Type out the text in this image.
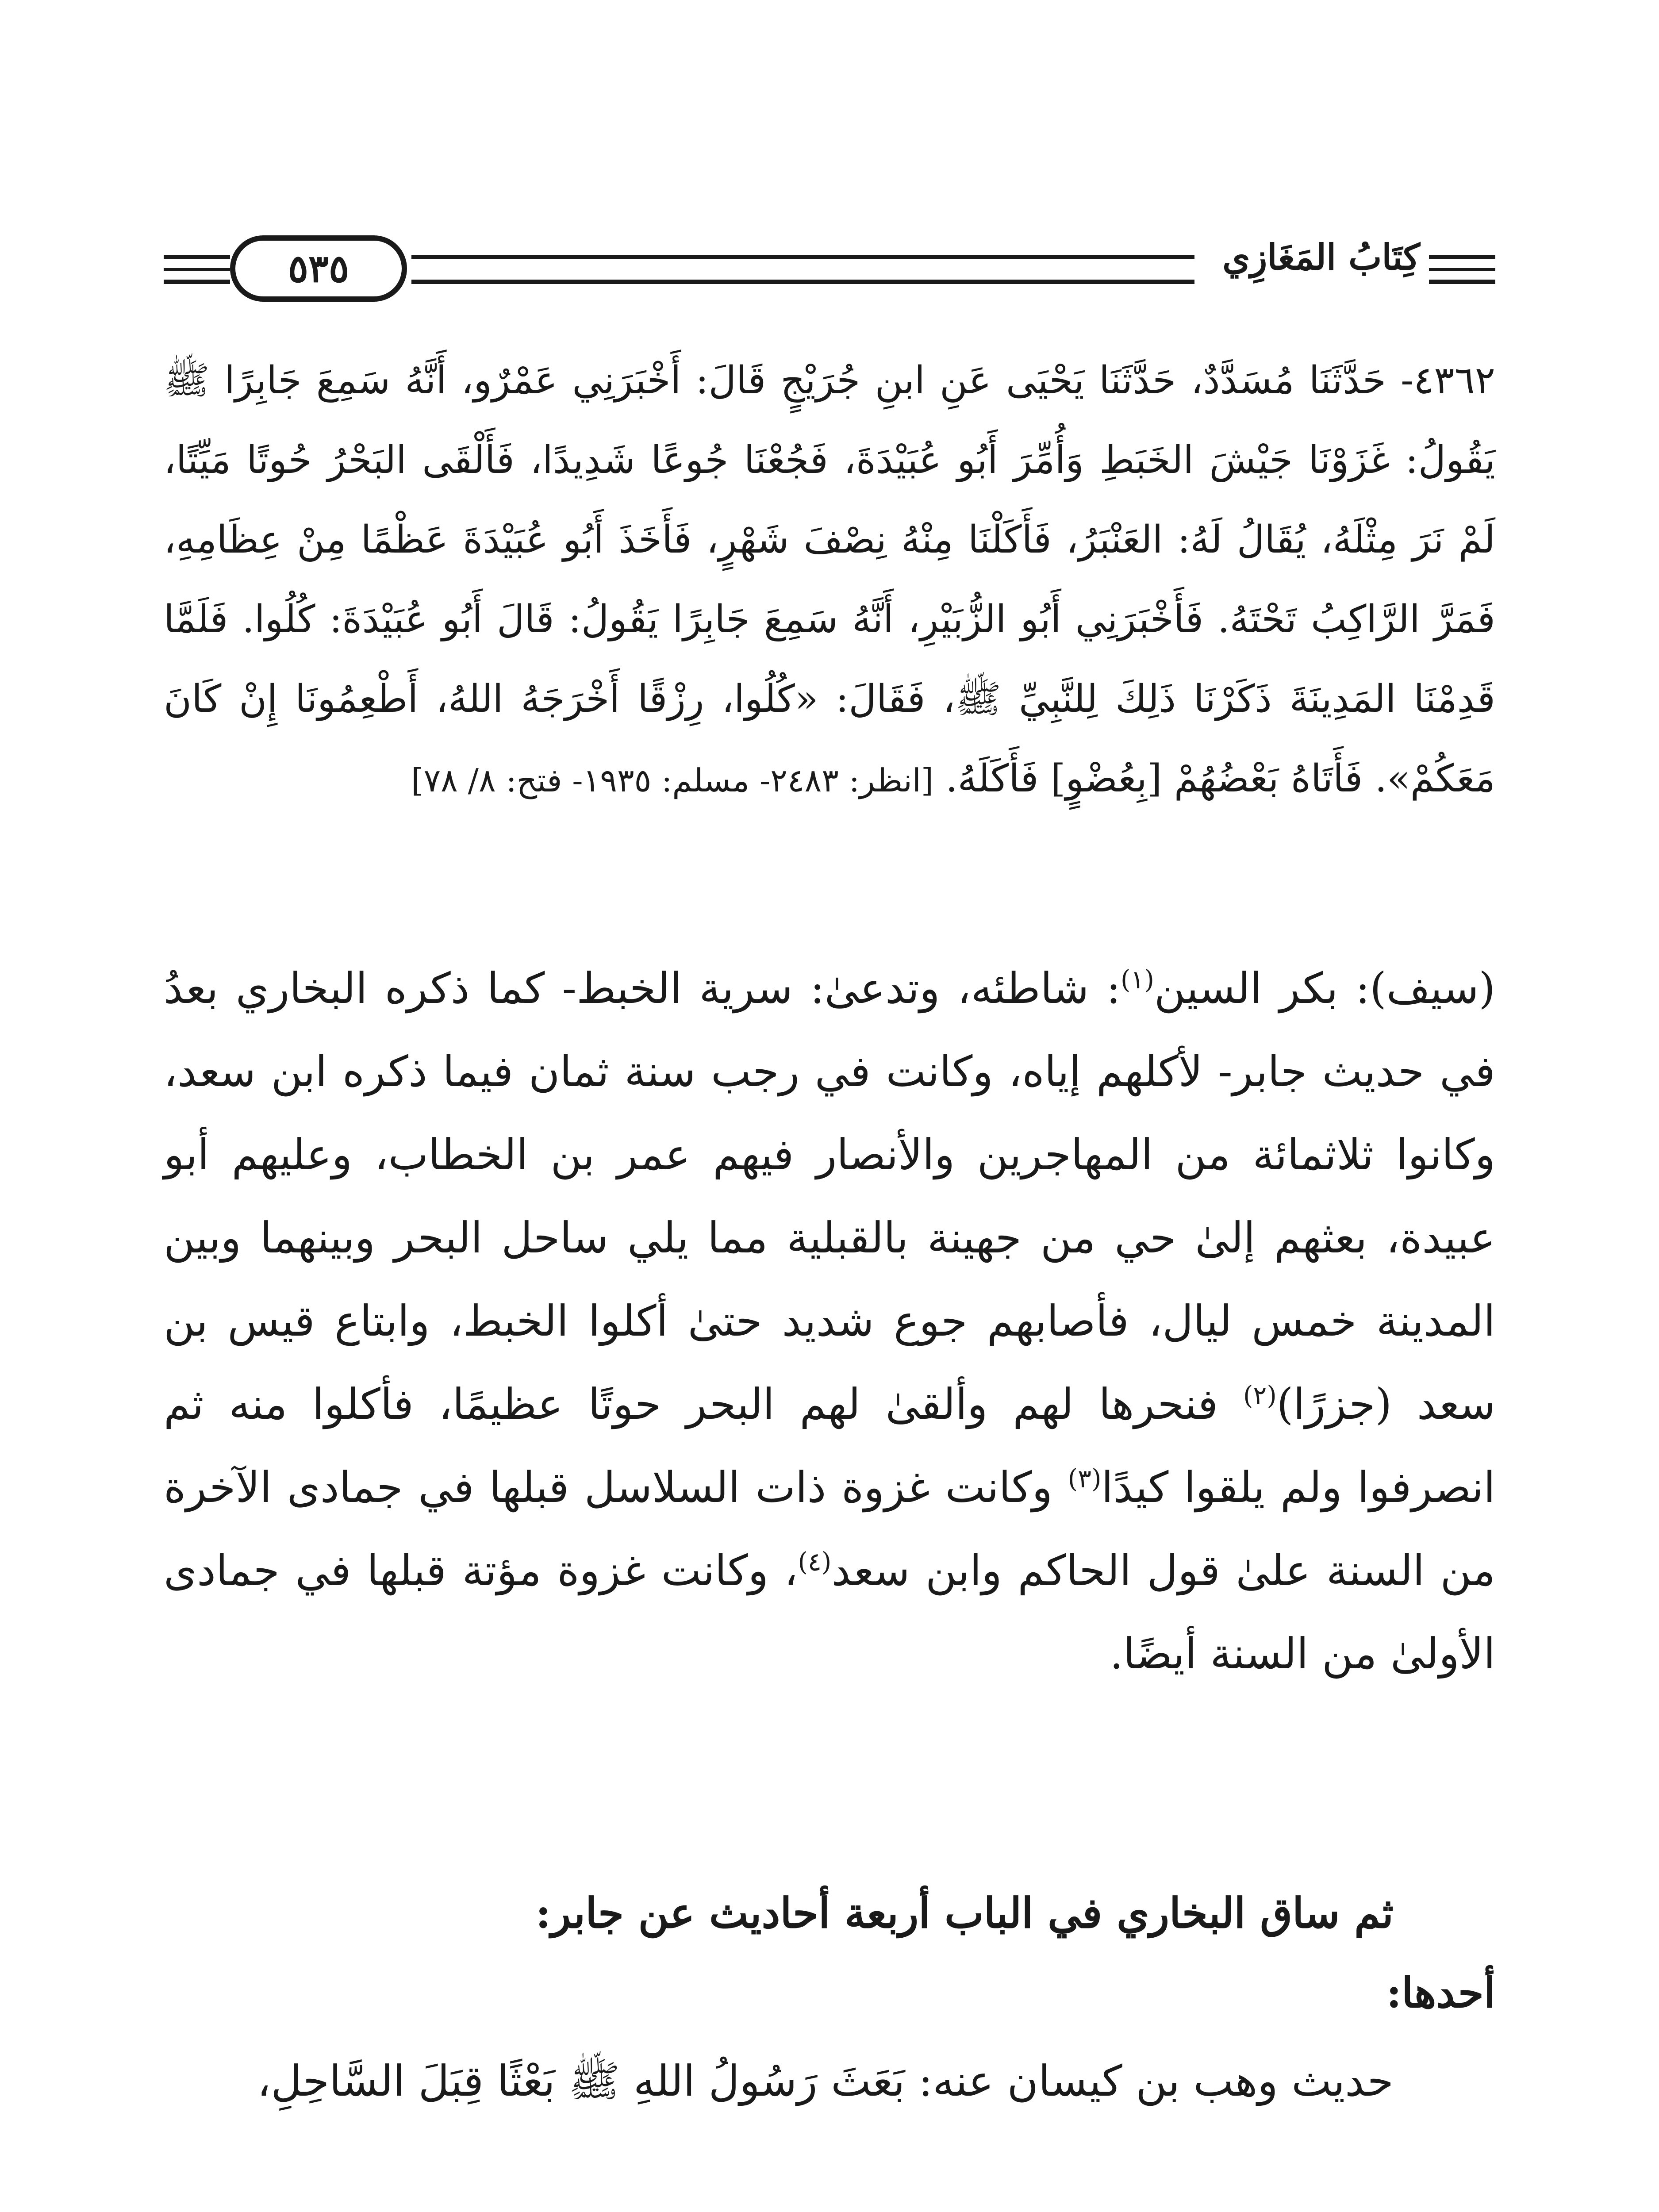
٥٣٥	كِتَابُ المَغَازِي
٤٣٦٢- حَدَّثَنَا مُسَدَّدٌ، حَدَّثَنَا يَحْيَى عَنِ ابنِ جُرَيْجٍ قَالَ: أَخْبَرَنِي عَمْرٌو، أَنَّهُ سَمِعَ جَابِرًا ﷺ يَقُولُ: غَزَوْنَا جَيْشَ الخَبَطِ وَأُمِّرَ أَبُو عُبَيْدَةَ، فَجُعْنَا جُوعًا شَدِيدًا، فَأَلْقَى البَحْرُ حُوتًا مَيِّتًا، لَمْ نَرَ مِثْلَهُ، يُقَالُ لَهُ: العَنْبَرُ، فَأَكَلْنَا مِنْهُ نِصْفَ شَهْرٍ، فَأَخَذَ أَبُو عُبَيْدَةَ عَظْمًا مِنْ عِظَامِهِ، فَمَرَّ الرَّاكِبُ تَحْتَهُ. فَأَخْبَرَنِي أَبُو الزُّبَيْرِ، أَنَّهُ سَمِعَ جَابِرًا يَقُولُ: قَالَ أَبُو عُبَيْدَةَ: كُلُوا. فَلَمَّا قَدِمْنَا المَدِينَةَ ذَكَرْنَا ذَلِكَ لِلنَّبِيِّ ﷺ، فَقَالَ: «كُلُوا، رِزْقًا أَخْرَجَهُ اللهُ، أَطْعِمُونَا إِنْ كَانَ مَعَكُمْ». فَأَتَاهُ بَعْضُهُمْ [بِعُضْوٍ] فَأَكَلَهُ. [انظر: ٢٤٨٣- مسلم: ١٩٣٥- فتح: ٨/ ٧٨]

(سيف): بكر السين$^{(١)}$: شاطئه، وتدعىٰ: سرية الخبط- كما ذكره البخاري بعدُ في حديث جابر- لأكلهم إياه، وكانت في رجب سنة ثمان فيما ذكره ابن سعد، وكانوا ثلاثمائة من المهاجرين والأنصار فيهم عمر بن الخطاب، وعليهم أبو عبيدة، بعثهم إلىٰ حي من جهينة بالقبلية مما يلي ساحل البحر وبينهما وبين المدينة خمس ليال، فأصابهم جوع شديد حتىٰ أكلوا الخبط، وابتاع قيس بن سعد (جزرًا)$^{(٢)}$ فنحرها لهم وألقىٰ لهم البحر حوتًا عظيمًا، فأكلوا منه ثم انصرفوا ولم يلقوا كيدًا$^{(٣)}$ وكانت غزوة ذات السلاسل قبلها في جمادى الآخرة من السنة علىٰ قول الحاكم وابن سعد$^{(٤)}$، وكانت غزوة مؤتة قبلها في جمادى الأولىٰ من السنة أيضًا.

ثم ساق البخاري في الباب أربعة أحاديث عن جابر:
أحدها:
حديث وهب بن كيسان عنه: بَعَثَ رَسُولُ اللهِ ﷺ بَعْثًا قِبَلَ السَّاحِلِ،
